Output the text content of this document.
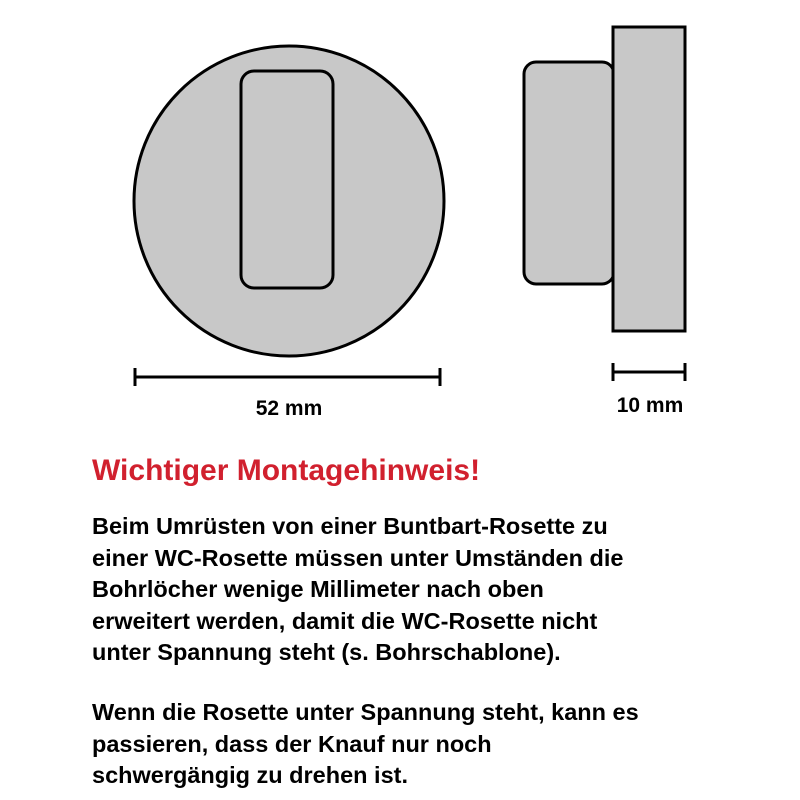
52 mm	10 mm
Wichtiger Montagehinweis!

Beim Umrüsten von einer Buntbart-Rosette zu
einer WC-Rosette müssen unter Umständen die
Bohrlöcher wenige Millimeter nach oben
erweitert werden, damit die WC-Rosette nicht
unter Spannung steht (s. Bohrschablone).

Wenn die Rosette unter Spannung steht, kann es
passieren, dass der Knauf nur noch
schwergängig zu drehen ist.
